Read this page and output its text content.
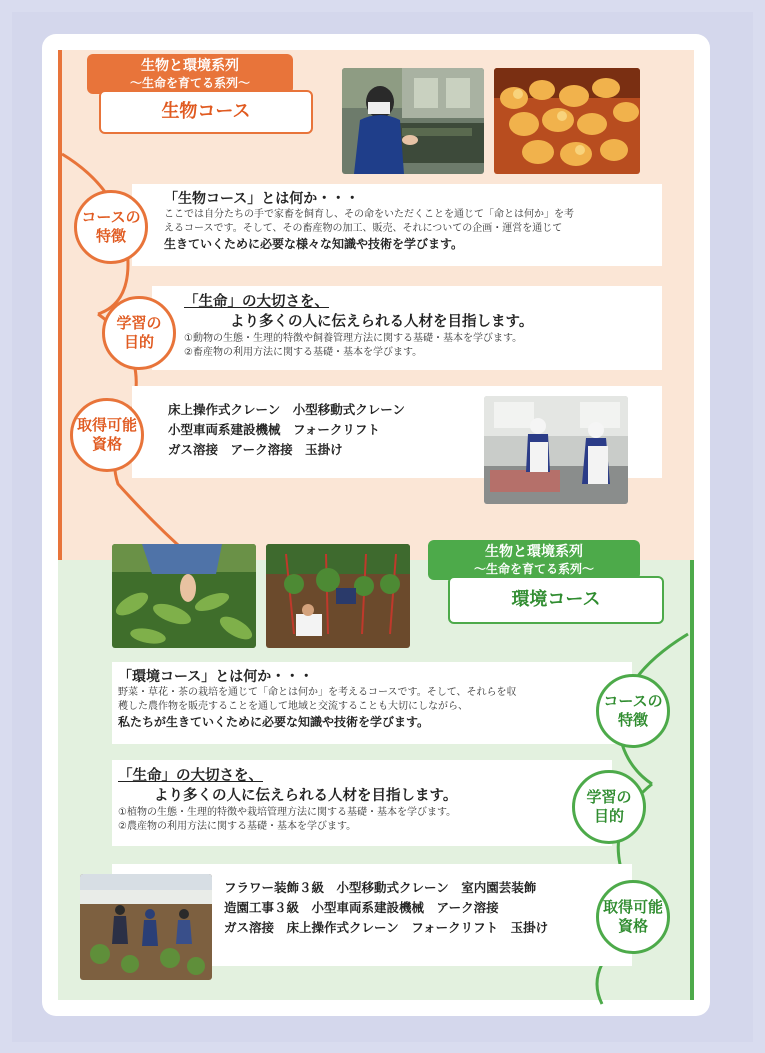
生物と環境系列
～生命を育てる系列～
生物コース
「生物コース」とは何か・・・
ここでは自分たちの手で家畜を飼育し、その命をいただくことを通じて「命とは何か」を考
えるコースです。そして、その畜産物の加工、販売、それについての企画・運営を通じて
生きていくために必要な様々な知識や技術を学びます。
コースの
特徴
「生命」の大切さを、
より多くの人に伝えられる人材を目指します。
①動物の生態・生理的特徴や飼養管理方法に関する基礎・基本を学びます。
②畜産物の利用方法に関する基礎・基本を学びます。
学習の
目的
床上操作式クレーン　小型移動式クレーン
小型車両系建設機械　フォークリフト
ガス溶接　アーク溶接　玉掛け
取得可能
資格
生物と環境系列
～生命を育てる系列～
環境コース
「環境コース」とは何か・・・
野菜・草花・茶の栽培を通じて「命とは何か」を考えるコースです。そして、それらを収
穫した農作物を販売することを通して地域と交流することも大切にしながら、
私たちが生きていくために必要な知識や技術を学びます。
コースの
特徴
「生命」の大切さを、
より多くの人に伝えられる人材を目指します。
①植物の生態・生理的特徴や栽培管理方法に関する基礎・基本を学びます。
②農産物の利用方法に関する基礎・基本を学びます。
学習の
目的
フラワー装飾３級　小型移動式クレーン　室内園芸装飾
造園工事３級　小型車両系建設機械　アーク溶接
ガス溶接　床上操作式クレーン　フォークリフト　玉掛け
取得可能
資格
